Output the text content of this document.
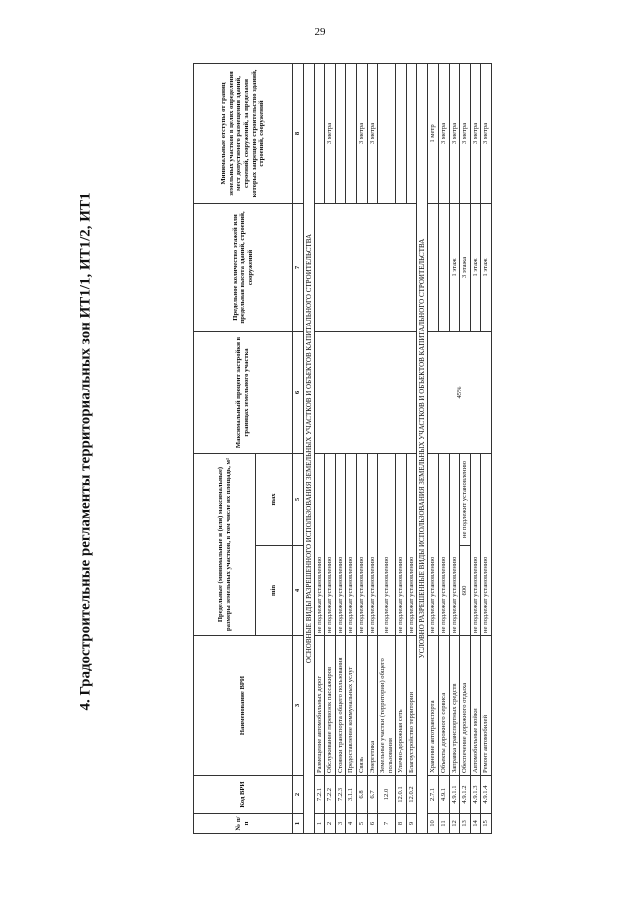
29
4. Градостроительные регламенты территориальных зон ИТ1/1, ИТ1/2, ИТ1
№ п/п	Код ВРИ	Наименование ВРИ	Предельные (минимальные и (или) максимальные) размеры земельных участков, в том числе их площадь, м²		Максимальный процент застройки в границах земельного участка	Предельное количество этажей или предельная высота зданий, строений, сооружений	Минимальные отступы от границ земельных участков в целях определения мест допустимого размещения зданий, строений, сооружений, за пределами которых запрещено строительство зданий, строений, сооружений
			min	max			
1	2	3	4	5	6	7	8
ОСНОВНЫЕ ВИДЫ РАЗРЕШЕННОГО ИСПОЛЬЗОВАНИЯ ЗЕМЕЛЬНЫХ УЧАСТКОВ И ОБЪЕКТОВ КАПИТАЛЬНОГО СТРОИТЕЛЬСТВА							
1	7.2.1	Размещение автомобильных дорог	не подлежат установлению				
2	7.2.2	Обслуживание перевозок пассажиров	не подлежат установлению				3 метра
3	7.2.3	Стоянки транспорта общего пользования	не подлежат установлению				
4	3.1.1	Предоставление коммунальных услуг	не подлежат установлению				
5	6.8	Связь	не подлежат установлению				3 метра
6	6.7	Энергетика	не подлежат установлению				3 метра
7	12.0	Земельные участки (территории) общего пользования	не подлежат установлению				
8	12.0.1	Улично-дорожная сеть	не подлежат установлению				
9	12.0.2	Благоустройство территории	не подлежат установлению				
УСЛОВНО РАЗРЕШЕННЫЕ ВИДЫ ИСПОЛЬЗОВАНИЯ ЗЕМЕЛЬНЫХ УЧАСТКОВ И ОБЪЕКТОВ КАПИТАЛЬНОГО СТРОИТЕЛЬСТВА							
10	2.7.1	Хранение автотранспорта	не подлежат установлению		45%		1 метр
11	4.9.1	Объекты дорожного сервиса	не подлежат установлению				3 метра
12	4.9.1.1	Заправка транспортных средств	не подлежат установлению			1 этаж	3 метра
13	4.9.1.2	Обеспечение дорожного отдыха	600	не подлежит установлению		3 этажа	3 метра
14	4.9.1.3	Автомобильные мойки	не подлежат установлению			1 этаж	3 метра
15	4.9.1.4	Ремонт автомобилей	не подлежат установлению			1 этаж	3 метра
